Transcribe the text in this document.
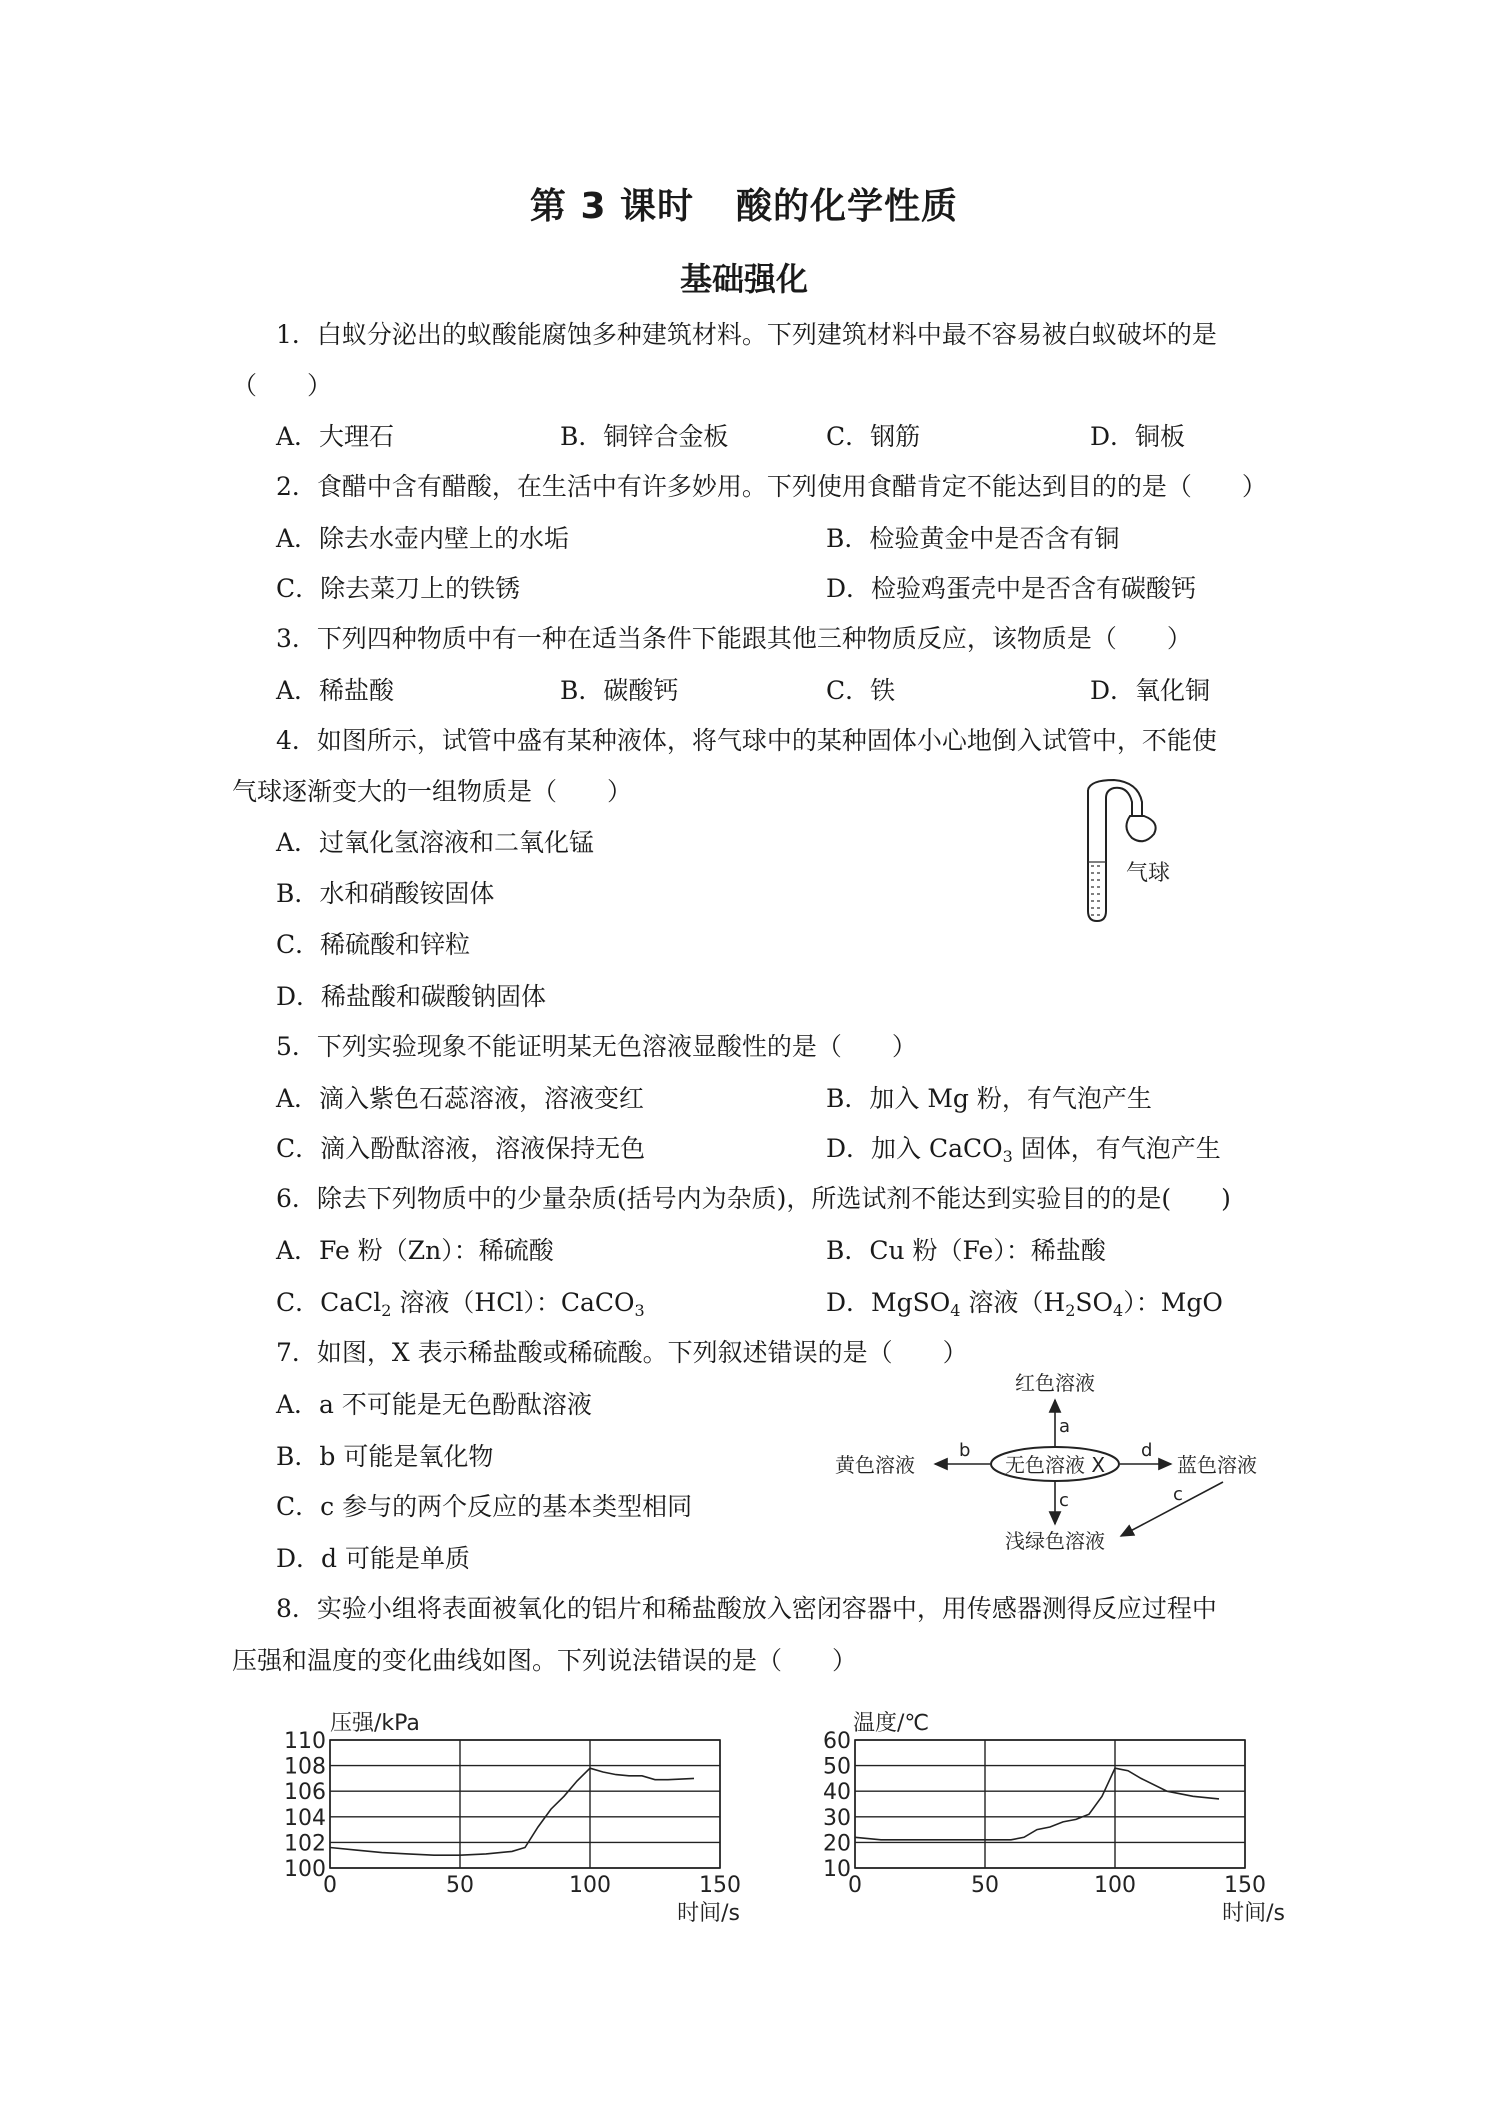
第 3 课时 酸的化学性质
基础强化
1．白蚁分泌出的蚁酸能腐蚀多种建筑材料。下列建筑材料中最不容易被白蚁破坏的是
（　　）
A．大理石	B．铜锌合金板	C．钢筋	D．铜板
2．食醋中含有醋酸，在生活中有许多妙用。下列使用食醋肯定不能达到目的的是（　　）
A．除去水壶内壁上的水垢	B．检验黄金中是否含有铜
C．除去菜刀上的铁锈	D．检验鸡蛋壳中是否含有碳酸钙
3．下列四种物质中有一种在适当条件下能跟其他三种物质反应，该物质是（　　）
A．稀盐酸	B．碳酸钙	C．铁	D．氧化铜
4．如图所示，试管中盛有某种液体，将气球中的某种固体小心地倒入试管中，不能使
气球逐渐变大的一组物质是（　　）
A．过氧化氢溶液和二氧化锰
B．水和硝酸铵固体
C．稀硫酸和锌粒
D．稀盐酸和碳酸钠固体
气球
5．下列实验现象不能证明某无色溶液显酸性的是（　　）
A．滴入紫色石蕊溶液，溶液变红	B．加入 Mg 粉，有气泡产生
C．滴入酚酞溶液，溶液保持无色	D．加入 CaCO$_3$ 固体，有气泡产生
6．除去下列物质中的少量杂质(括号内为杂质)，所选试剂不能达到实验目的的是(　　)
A．Fe 粉（Zn）：稀硫酸	B．Cu 粉（Fe）：稀盐酸
C．CaCl$_2$ 溶液（HCl）：CaCO$_3$	D．MgSO$_4$ 溶液$(H_2SO_4)$：MgO
7．如图，X 表示稀盐酸或稀硫酸。下列叙述错误的是（　　）
A．a 不可能是无色酚酞溶液
B．b 可能是氧化物
C．c 参与的两个反应的基本类型相同
D．d 可能是单质
无色溶液 X
红色溶液
a
黄色溶液
b
蓝色溶液
d
浅绿色溶液
c	c
8．实验小组将表面被氧化的铝片和稀盐酸放入密闭容器中，用传感器测得反应过程中
压强和温度的变化曲线如图。下列说法错误的是（　　）
压强/kPa
100
102
104
106
108
110
0	50	100	150
时间/s
温度/℃
10
20
30
40
50
60
0	50	100	150
时间/s
